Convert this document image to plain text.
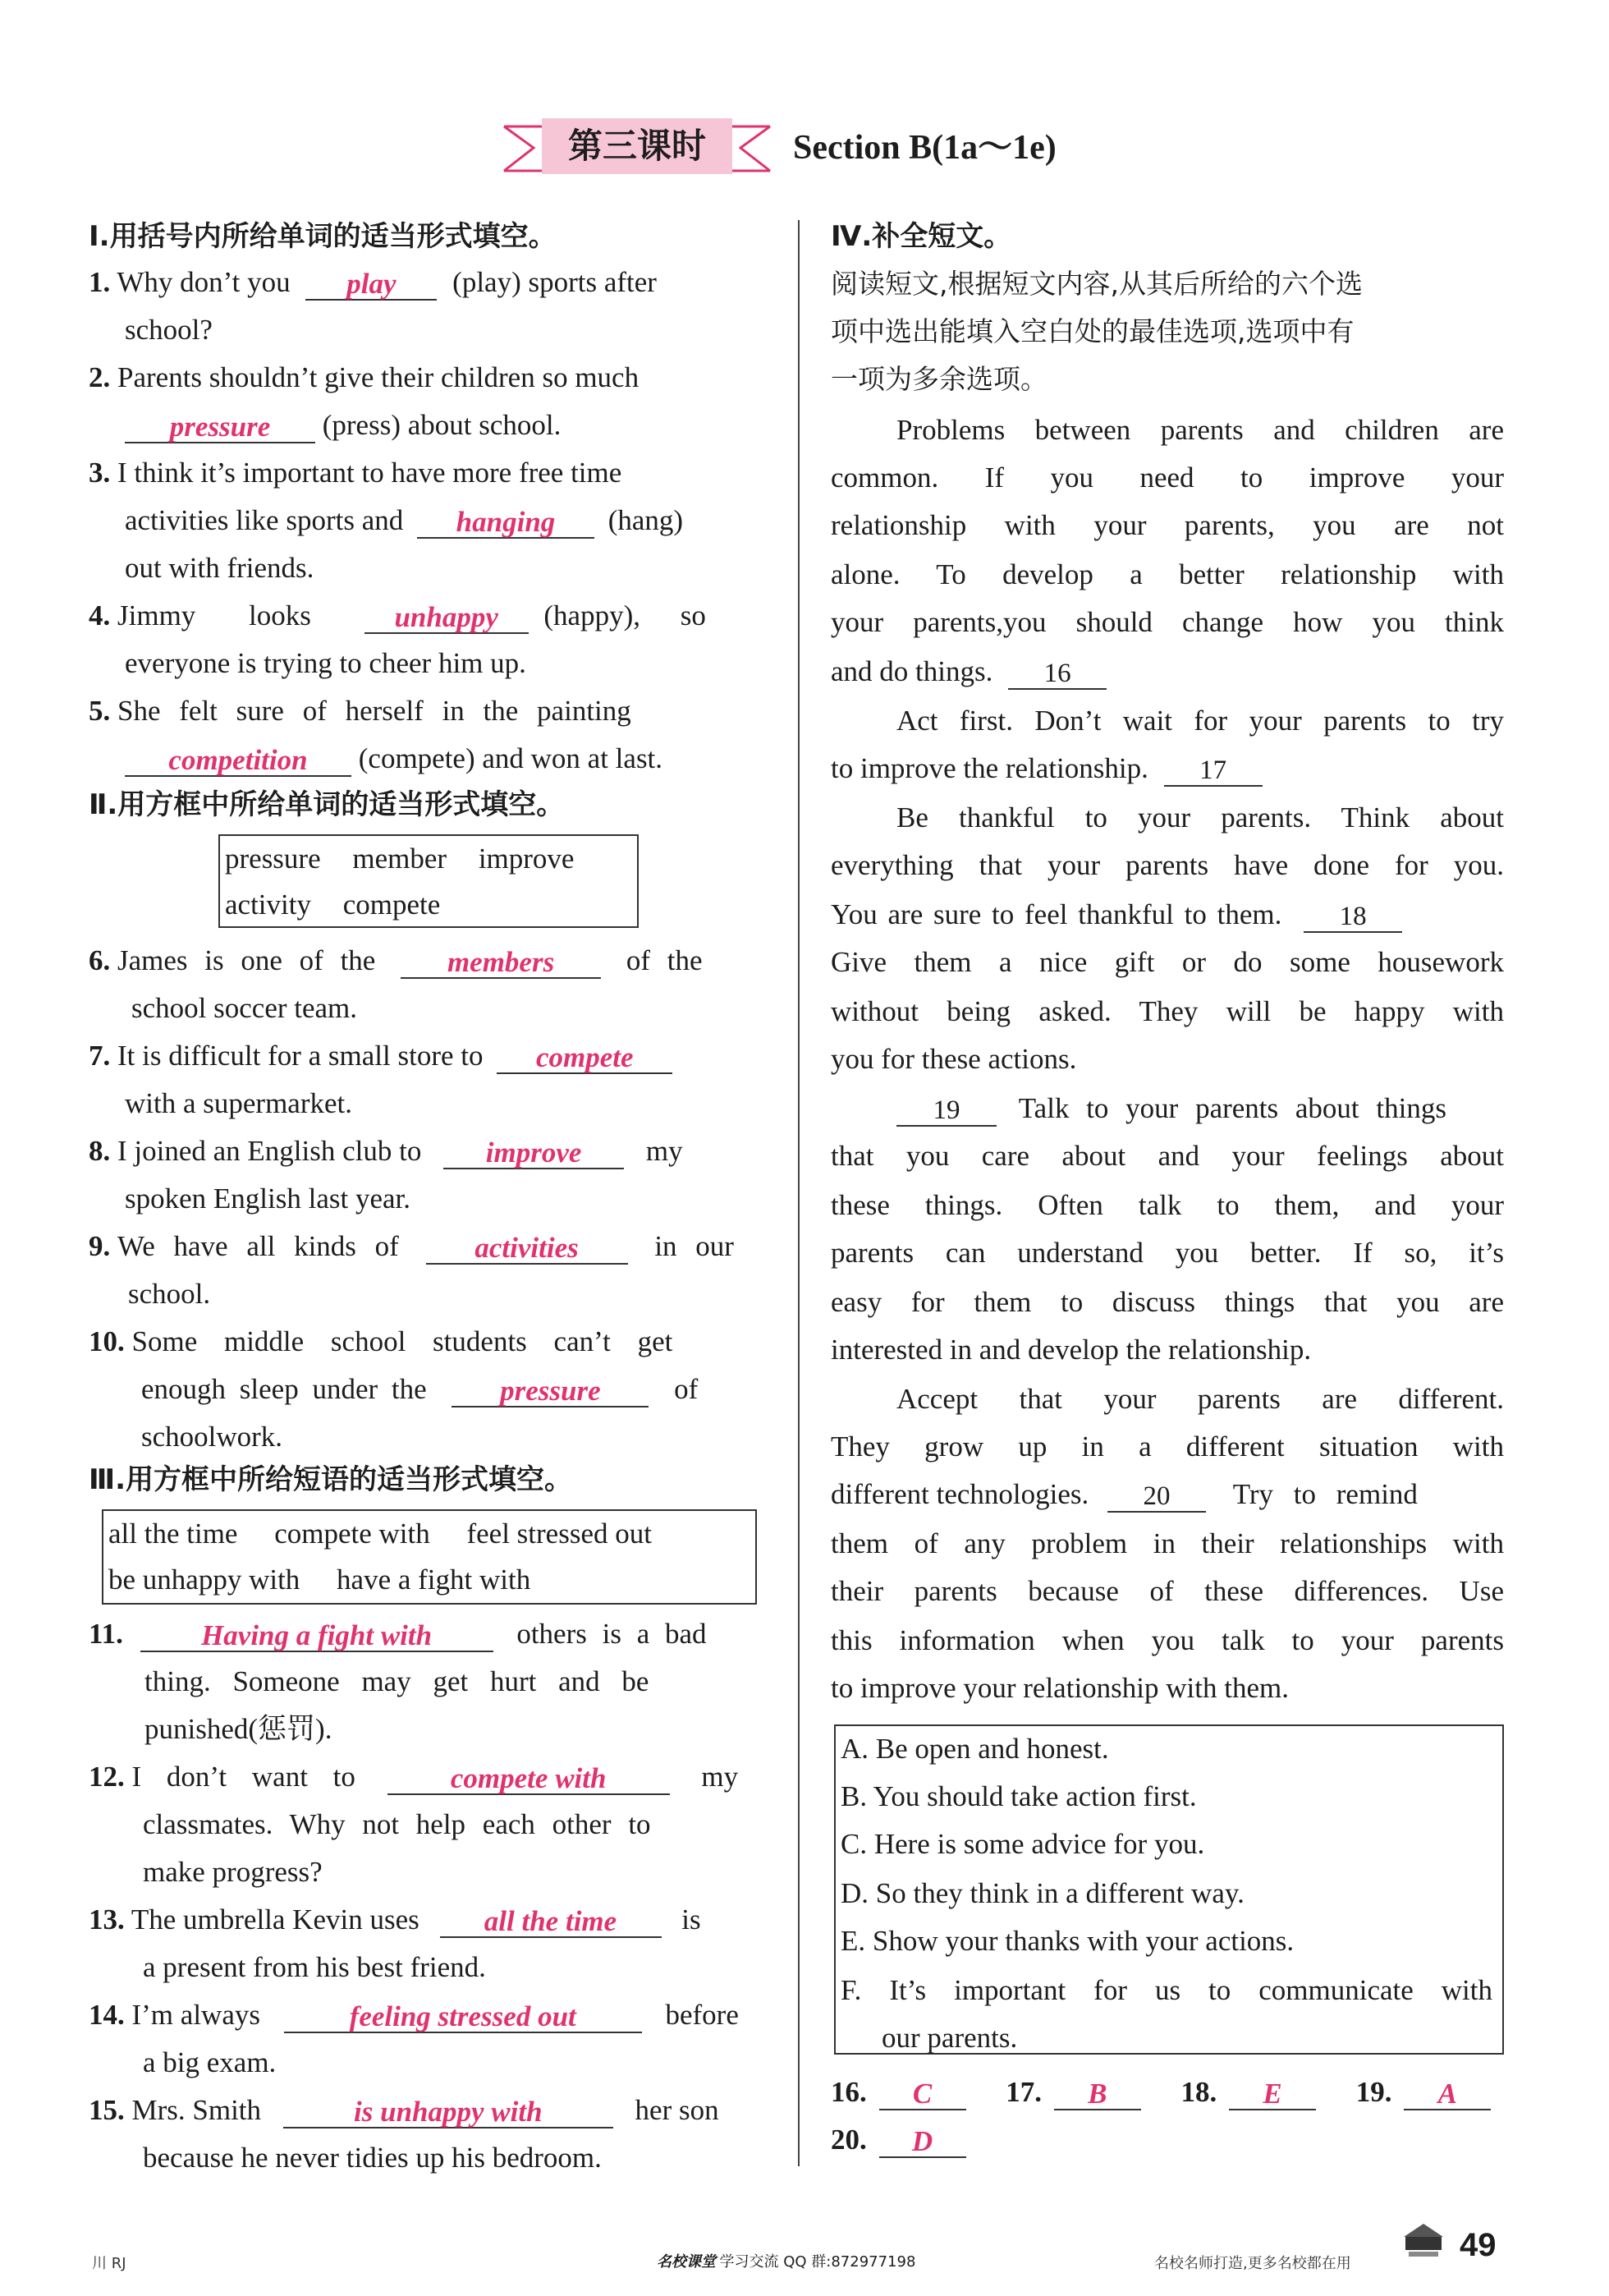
第三课时	Section B(1a～1e)
Ⅰ.用括号内所给单词的适当形式填空。
1. Why don’t you play (play) sports after
school?
2. Parents shouldn’t give their children so much
pressure (press) about school.
3. I think it’s important to have more free time
activities like sports and hanging (hang)
out with friends.
4. Jimmy looks	unhappy (happy), so
everyone is trying to cheer him up.
5. She felt sure of herself in the painting
competition (compete) and won at last.
Ⅱ.用方框中所给单词的适当形式填空。
pressure member improve
activity compete
6. James is one of the	members	of the
school soccer team.
7. It is difficult for a small store to compete
with a supermarket.
8. I joined an English club to improve my
spoken English last year.
9. We have all kinds of	activities	in our
school.
10. Some middle school students can’t get
enough sleep under the	pressure	of
schoolwork.
Ⅲ.用方框中所给短语的适当形式填空。
all the time compete with feel stressed out
be unhappy with have a fight with
11.	Having a fight with	others is a bad
thing. Someone may get hurt and be
punished(惩罚).
12. I don’t want to	compete with	my
classmates. Why not help each other to
make progress?
13. The umbrella Kevin uses all the time is
a present from his best friend.
14. I’m always	feeling stressed out	before
a big exam.
15. Mrs. Smith	is unhappy with	her son
because he never tidies up his bedroom.
Ⅳ.补全短文。
阅读短文,根据短文内容,从其后所给的六个选
项中选出能填入空白处的最佳选项,选项中有
一项为多余选项。
Problems between parents and children are
common. If you need to improve your
relationship with your parents, you are not
alone. To develop a better relationship with
your parents,you should change how you think
and do things. 16
Act first. Don’t wait for your parents to try
to improve the relationship. 17
Be thankful to your parents. Think about
everything that your parents have done for you.
You are sure to feel thankful to them. 18
Give them a nice gift or do some housework
without being asked. They will be happy with
you for these actions.
19 Talk to your parents about things
that you care about and your feelings about
these things. Often talk to them, and your
parents can understand you better. If so, it’s
easy for them to discuss things that you are
interested in and develop the relationship.
Accept that your parents are different.
They grow up in a different situation with
different technologies. 20 Try to remind
them of any problem in their relationships with
their parents because of these differences. Use
this information when you talk to your parents
to improve your relationship with them.
A. Be open and honest.
B. You should take action first.
C. Here is some advice for you.
D. So they think in a different way.
E. Show your thanks with your actions.
F. It’s important for us to communicate with
our parents.
16. C	17. B	18. E	19. A
20. D
川 RJ	名校课堂 学习交流 QQ 群:872977198	名校名师打造,更多名校都在用
49
